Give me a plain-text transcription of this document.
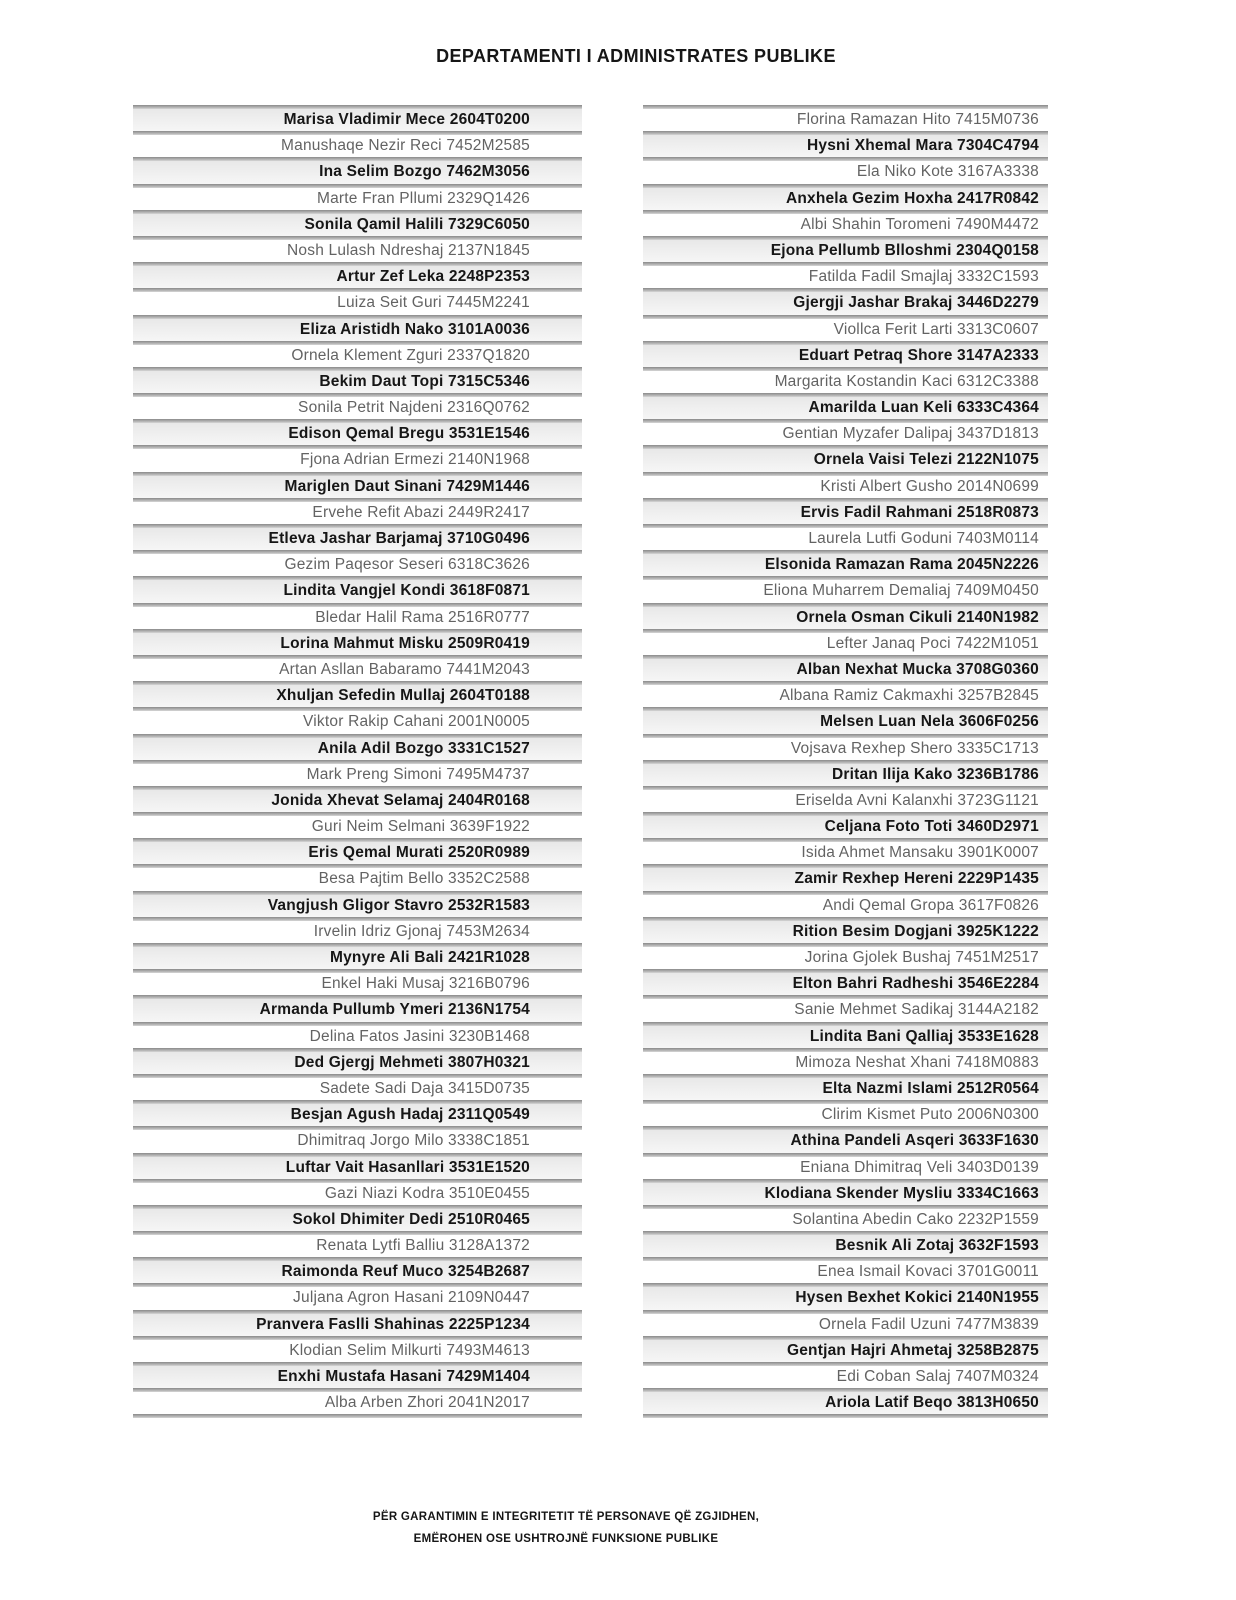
DEPARTAMENTI I ADMINISTRATES PUBLIKE
Marisa Vladimir Mece 2604T0200
Manushaqe Nezir Reci 7452M2585
Ina Selim Bozgo 7462M3056
Marte Fran Pllumi 2329Q1426
Sonila Qamil Halili 7329C6050
Nosh Lulash Ndreshaj 2137N1845
Artur Zef Leka 2248P2353
Luiza Seit Guri 7445M2241
Eliza Aristidh Nako 3101A0036
Ornela Klement Zguri 2337Q1820
Bekim Daut Topi 7315C5346
Sonila Petrit Najdeni 2316Q0762
Edison Qemal Bregu 3531E1546
Fjona Adrian Ermezi 2140N1968
Mariglen Daut Sinani 7429M1446
Ervehe Refit Abazi 2449R2417
Etleva Jashar Barjamaj 3710G0496
Gezim Paqesor Seseri 6318C3626
Lindita Vangjel Kondi 3618F0871
Bledar Halil Rama 2516R0777
Lorina Mahmut Misku 2509R0419
Artan Asllan Babaramo 7441M2043
Xhuljan Sefedin Mullaj 2604T0188
Viktor Rakip Cahani 2001N0005
Anila Adil Bozgo 3331C1527
Mark Preng Simoni 7495M4737
Jonida Xhevat Selamaj 2404R0168
Guri Neim Selmani 3639F1922
Eris Qemal Murati 2520R0989
Besa Pajtim Bello 3352C2588
Vangjush Gligor Stavro 2532R1583
Irvelin Idriz Gjonaj 7453M2634
Mynyre Ali Bali 2421R1028
Enkel Haki Musaj 3216B0796
Armanda Pullumb Ymeri 2136N1754
Delina Fatos Jasini 3230B1468
Ded Gjergj Mehmeti 3807H0321
Sadete Sadi Daja 3415D0735
Besjan Agush Hadaj 2311Q0549
Dhimitraq Jorgo Milo 3338C1851
Luftar Vait Hasanllari 3531E1520
Gazi Niazi Kodra 3510E0455
Sokol Dhimiter Dedi 2510R0465
Renata Lytfi Balliu 3128A1372
Raimonda Reuf Muco 3254B2687
Juljana Agron Hasani 2109N0447
Pranvera Faslli Shahinas 2225P1234
Klodian Selim Milkurti 7493M4613
Enxhi Mustafa Hasani 7429M1404
Alba Arben Zhori 2041N2017
Florina Ramazan Hito 7415M0736
Hysni Xhemal Mara 7304C4794
Ela Niko Kote 3167A3338
Anxhela Gezim Hoxha 2417R0842
Albi Shahin Toromeni 7490M4472
Ejona Pellumb Blloshmi 2304Q0158
Fatilda Fadil Smajlaj 3332C1593
Gjergji Jashar Brakaj 3446D2279
Viollca Ferit Larti 3313C0607
Eduart Petraq Shore 3147A2333
Margarita Kostandin Kaci 6312C3388
Amarilda Luan Keli 6333C4364
Gentian Myzafer Dalipaj 3437D1813
Ornela Vaisi Telezi 2122N1075
Kristi Albert Gusho 2014N0699
Ervis Fadil Rahmani 2518R0873
Laurela Lutfi Goduni 7403M0114
Elsonida Ramazan Rama 2045N2226
Eliona Muharrem Demaliaj 7409M0450
Ornela Osman Cikuli 2140N1982
Lefter Janaq Poci 7422M1051
Alban Nexhat Mucka 3708G0360
Albana Ramiz Cakmaxhi 3257B2845
Melsen Luan Nela 3606F0256
Vojsava Rexhep Shero 3335C1713
Dritan Ilija Kako 3236B1786
Eriselda Avni Kalanxhi 3723G1121
Celjana Foto Toti 3460D2971
Isida Ahmet Mansaku 3901K0007
Zamir Rexhep Hereni 2229P1435
Andi Qemal Gropa 3617F0826
Rition Besim Dogjani 3925K1222
Jorina Gjolek Bushaj 7451M2517
Elton Bahri Radheshi 3546E2284
Sanie Mehmet Sadikaj 3144A2182
Lindita Bani Qalliaj 3533E1628
Mimoza Neshat Xhani 7418M0883
Elta Nazmi Islami 2512R0564
Clirim Kismet Puto 2006N0300
Athina Pandeli Asqeri 3633F1630
Eniana Dhimitraq Veli 3403D0139
Klodiana Skender Mysliu 3334C1663
Solantina Abedin Cako 2232P1559
Besnik Ali Zotaj 3632F1593
Enea Ismail Kovaci 3701G0011
Hysen Bexhet Kokici 2140N1955
Ornela Fadil Uzuni 7477M3839
Gentjan Hajri Ahmetaj 3258B2875
Edi Coban Salaj 7407M0324
Ariola Latif Beqo 3813H0650
PËR GARANTIMIN E INTEGRITETIT TË PERSONAVE QË ZGJIDHEN,
EMËROHEN OSE USHTROJNË FUNKSIONE PUBLIKE
